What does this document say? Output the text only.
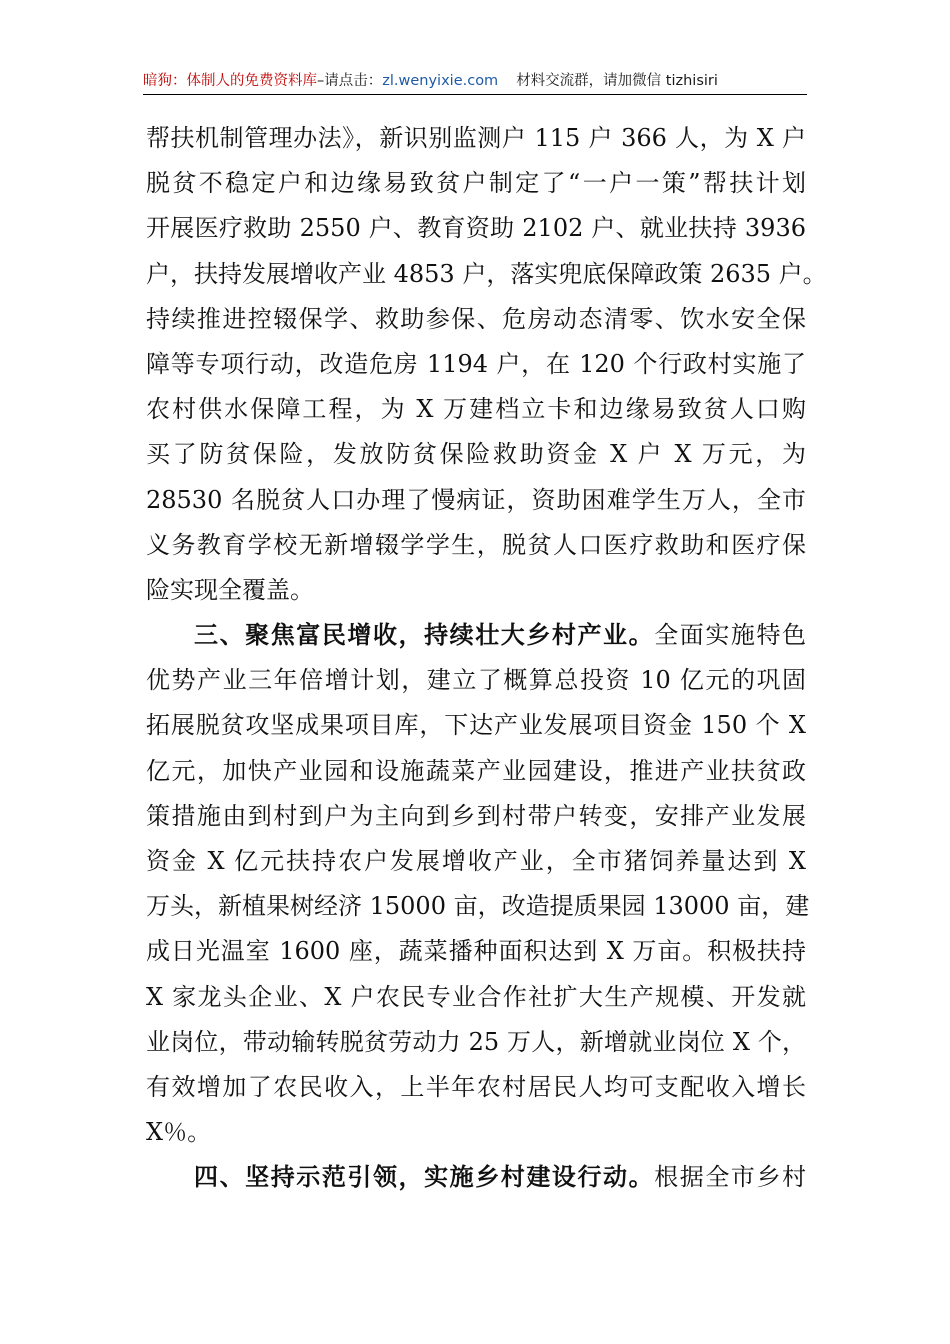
暗狗：体制人的免费资料库–请点击：zl.wenyixie.com 材料交流群，请加微信 tizhisiri
帮扶机制管理办法》，新识别监测户 115 户 366 人，为 X 户
脱贫不稳定户和边缘易致贫户制定了“一户一策”帮扶计划
开展医疗救助 2550 户、教育资助 2102 户、就业扶持 3936
户，扶持发展增收产业 4853 户，落实兜底保障政策 2635 户。
持续推进控辍保学、救助参保、危房动态清零、饮水安全保
障等专项行动，改造危房 1194 户，在 120 个行政村实施了
农村供水保障工程，为 X 万建档立卡和边缘易致贫人口购
买了防贫保险，发放防贫保险救助资金 X 户 X 万元，为
28530 名脱贫人口办理了慢病证，资助困难学生万人，全市
义务教育学校无新增辍学学生，脱贫人口医疗救助和医疗保
险实现全覆盖。
三、聚焦富民增收，持续壮大乡村产业。全面实施特色
优势产业三年倍增计划，建立了概算总投资 10 亿元的巩固
拓展脱贫攻坚成果项目库，下达产业发展项目资金 150 个 X
亿元，加快产业园和设施蔬菜产业园建设，推进产业扶贫政
策措施由到村到户为主向到乡到村带户转变，安排产业发展
资金 X 亿元扶持农户发展增收产业，全市猪饲养量达到 X
万头，新植果树经济 15000 亩，改造提质果园 13000 亩，建
成日光温室 1600 座，蔬菜播种面积达到 X 万亩。积极扶持
X 家龙头企业、X 户农民专业合作社扩大生产规模、开发就
业岗位，带动输转脱贫劳动力 25 万人，新增就业岗位 X 个，
有效增加了农民收入，上半年农村居民人均可支配收入增长
X％。
四、坚持示范引领，实施乡村建设行动。根据全市乡村
